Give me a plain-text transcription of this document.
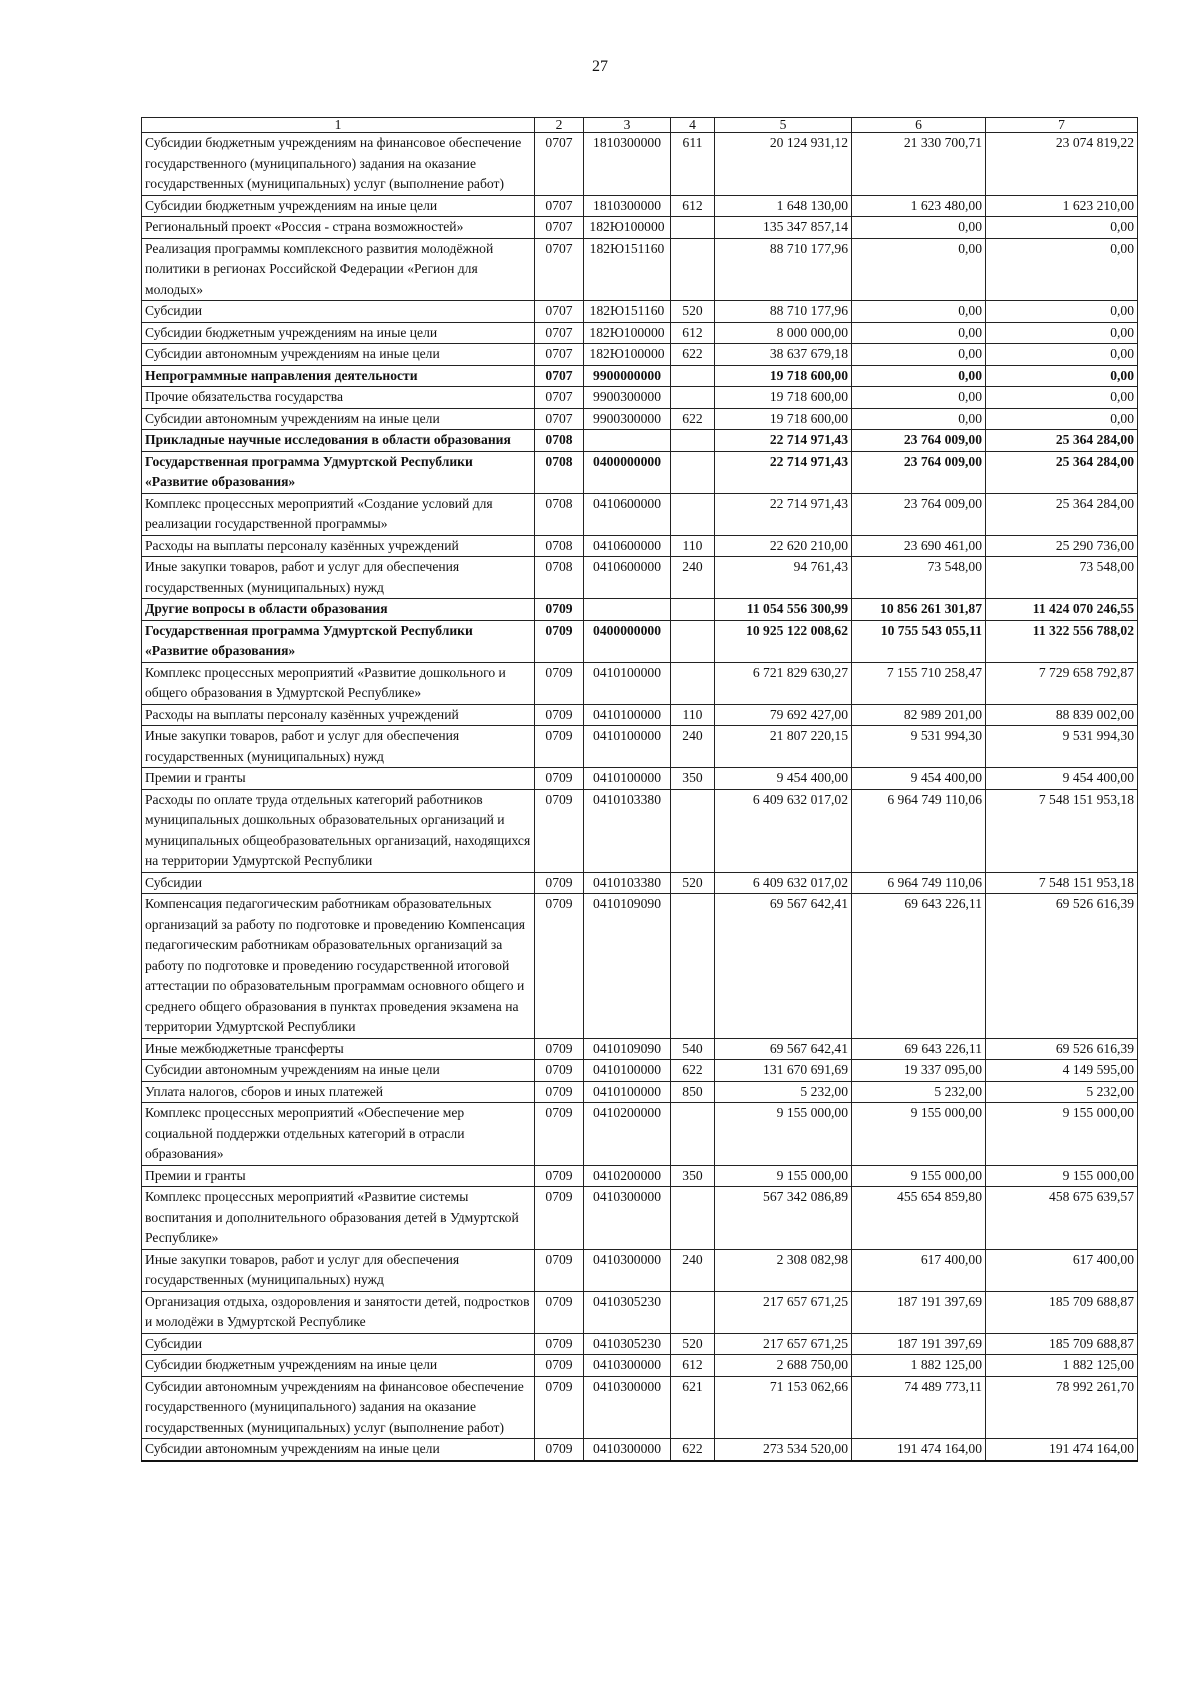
27
1	2	3	4	5	6	7
Субсидии бюджетным учреждениям на финансовое обеспечение государственного (муниципального) задания на оказание государственных (муниципальных) услуг (выполнение работ)	0707	1810300000	611	20 124 931,12	21 330 700,71	23 074 819,22
Субсидии бюджетным учреждениям на иные цели	0707	1810300000	612	1 648 130,00	1 623 480,00	1 623 210,00
Региональный проект «Россия - страна возможностей»	0707	182Ю100000		135 347 857,14	0,00	0,00
Реализация программы комплексного развития молодёжной политики в регионах Российской Федерации «Регион для молодых»	0707	182Ю151160		88 710 177,96	0,00	0,00
Субсидии	0707	182Ю151160	520	88 710 177,96	0,00	0,00
Субсидии бюджетным учреждениям на иные цели	0707	182Ю100000	612	8 000 000,00	0,00	0,00
Субсидии автономным учреждениям на иные цели	0707	182Ю100000	622	38 637 679,18	0,00	0,00
Непрограммные направления деятельности	0707	9900000000		19 718 600,00	0,00	0,00
Прочие обязательства государства	0707	9900300000		19 718 600,00	0,00	0,00
Субсидии автономным учреждениям на иные цели	0707	9900300000	622	19 718 600,00	0,00	0,00
Прикладные научные исследования в области образования	0708			22 714 971,43	23 764 009,00	25 364 284,00
Государственная программа Удмуртской Республики «Развитие образования»	0708	0400000000		22 714 971,43	23 764 009,00	25 364 284,00
Комплекс процессных мероприятий «Создание условий для реализации государственной программы»	0708	0410600000		22 714 971,43	23 764 009,00	25 364 284,00
Расходы на выплаты персоналу казённых учреждений	0708	0410600000	110	22 620 210,00	23 690 461,00	25 290 736,00
Иные закупки товаров, работ и услуг для обеспечения государственных (муниципальных) нужд	0708	0410600000	240	94 761,43	73 548,00	73 548,00
Другие вопросы в области образования	0709			11 054 556 300,99	10 856 261 301,87	11 424 070 246,55
Государственная программа Удмуртской Республики «Развитие образования»	0709	0400000000		10 925 122 008,62	10 755 543 055,11	11 322 556 788,02
Комплекс процессных мероприятий «Развитие дошкольного и общего образования в Удмуртской Республике»	0709	0410100000		6 721 829 630,27	7 155 710 258,47	7 729 658 792,87
Расходы на выплаты персоналу казённых учреждений	0709	0410100000	110	79 692 427,00	82 989 201,00	88 839 002,00
Иные закупки товаров, работ и услуг для обеспечения государственных (муниципальных) нужд	0709	0410100000	240	21 807 220,15	9 531 994,30	9 531 994,30
Премии и гранты	0709	0410100000	350	9 454 400,00	9 454 400,00	9 454 400,00
Расходы по оплате труда отдельных категорий работников муниципальных дошкольных образовательных организаций и муниципальных общеобразовательных организаций, находящихся на территории Удмуртской Республики	0709	0410103380		6 409 632 017,02	6 964 749 110,06	7 548 151 953,18
Субсидии	0709	0410103380	520	6 409 632 017,02	6 964 749 110,06	7 548 151 953,18
Компенсация педагогическим работникам образовательных организаций за работу по подготовке и проведению Компенсация педагогическим работникам образовательных организаций за работу по подготовке и проведению государственной итоговой аттестации по образовательным программам основного общего и среднего общего образования в пунктах проведения экзамена на территории Удмуртской Республики	0709	0410109090		69 567 642,41	69 643 226,11	69 526 616,39
Иные межбюджетные трансферты	0709	0410109090	540	69 567 642,41	69 643 226,11	69 526 616,39
Субсидии автономным учреждениям на иные цели	0709	0410100000	622	131 670 691,69	19 337 095,00	4 149 595,00
Уплата налогов, сборов и иных платежей	0709	0410100000	850	5 232,00	5 232,00	5 232,00
Комплекс процессных мероприятий «Обеспечение мер социальной поддержки отдельных категорий в отрасли образования»	0709	0410200000		9 155 000,00	9 155 000,00	9 155 000,00
Премии и гранты	0709	0410200000	350	9 155 000,00	9 155 000,00	9 155 000,00
Комплекс процессных мероприятий «Развитие системы воспитания и дополнительного образования детей в Удмуртской Республике»	0709	0410300000		567 342 086,89	455 654 859,80	458 675 639,57
Иные закупки товаров, работ и услуг для обеспечения государственных (муниципальных) нужд	0709	0410300000	240	2 308 082,98	617 400,00	617 400,00
Организация отдыха, оздоровления и занятости детей, подростков и молодёжи в Удмуртской Республике	0709	0410305230		217 657 671,25	187 191 397,69	185 709 688,87
Субсидии	0709	0410305230	520	217 657 671,25	187 191 397,69	185 709 688,87
Субсидии бюджетным учреждениям на иные цели	0709	0410300000	612	2 688 750,00	1 882 125,00	1 882 125,00
Субсидии автономным учреждениям на финансовое обеспечение государственного (муниципального) задания на оказание государственных (муниципальных) услуг (выполнение работ)	0709	0410300000	621	71 153 062,66	74 489 773,11	78 992 261,70
Субсидии автономным учреждениям на иные цели	0709	0410300000	622	273 534 520,00	191 474 164,00	191 474 164,00
